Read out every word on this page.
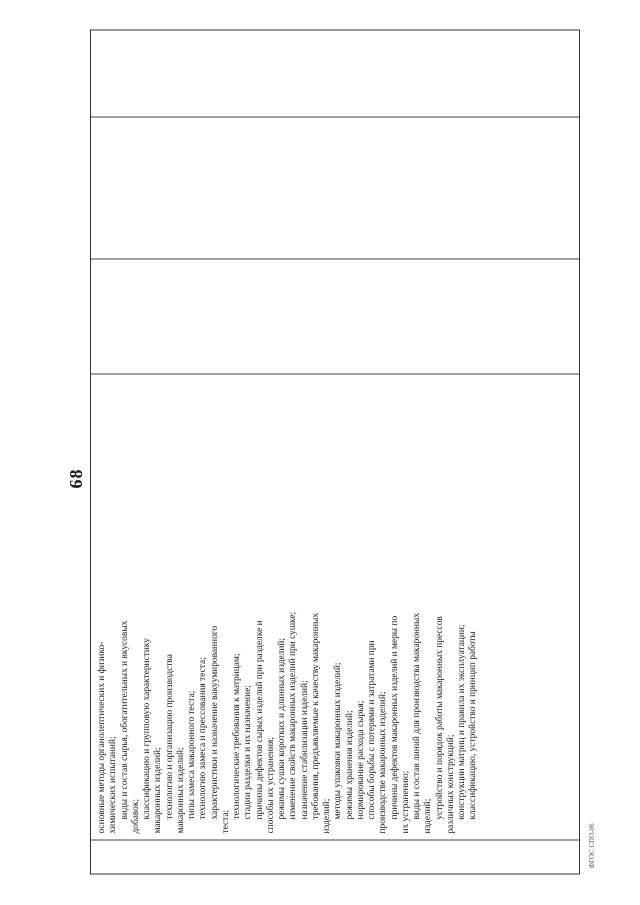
68
основные методы органолептических и физико- химических испытаний; виды и состав сырья, обогатительных и вкусовых добавок; классификацию и групповую характеристику макаронных изделий; технологию и организацию производства макаронных изделий; типы замеса макаронного теста; технологию замеса и прессования теста; характеристики и назначение вакуумированного
теста;
технологические требования к матрицам; стадии разделки и их назначение; причины дефектов сырых изделий при разделке и способы их устранения; режимы сушки коротких и длинных изделий; изменение свойств макаронных изделий при сушке; назначение стабилизации изделий; требования, предъявляемые к качеству макаронных изделий; методы упаковки макаронных изделий; режимы хранения изделий; нормирование расхода сырья; способы борьбы с потерями и затратами при производстве макаронных изделий; причины дефектов макаронных изделий и меры по их устранению; виды и состав линий для производства макаронных изделий; устройство и порядок работы макаронных прессов различных конструкций; конструкции матриц и правила их эксплуатации; классификацию, устройство и принцип работы
ФГОС СПО-06
